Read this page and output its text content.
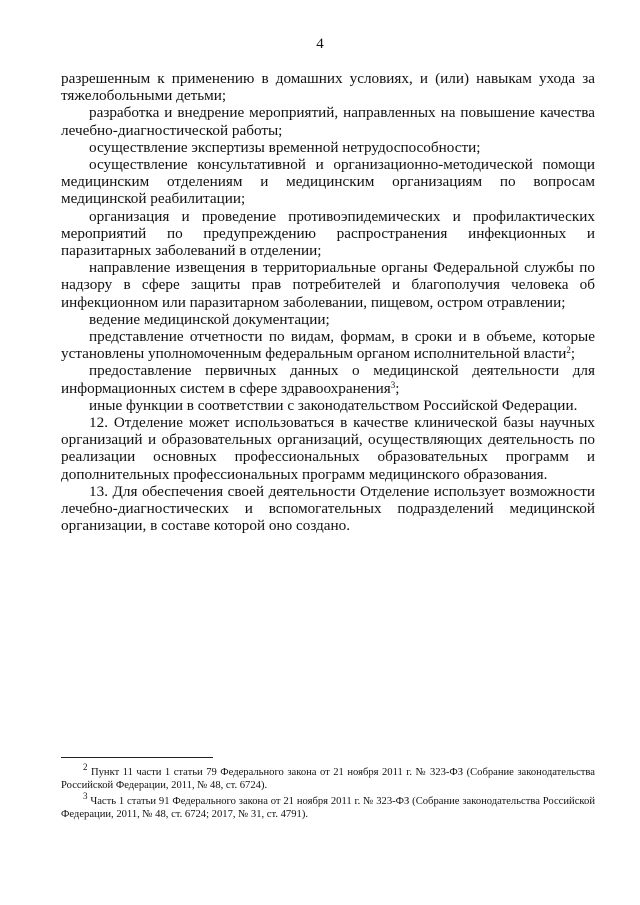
4

разрешенным к применению в домашних условиях, и (или) навыкам ухода за тяжелобольными детьми;

разработка и внедрение мероприятий, направленных на повышение качества лечебно-диагностической работы;

осуществление экспертизы временной нетрудоспособности;

осуществление консультативной и организационно-методической помощи медицинским отделениям и медицинским организациям по вопросам медицинской реабилитации;

организация и проведение противоэпидемических и профилактических мероприятий по предупреждению распространения инфекционных и паразитарных заболеваний в отделении;

направление извещения в территориальные органы Федеральной службы по надзору в сфере защиты прав потребителей и благополучия человека об инфекционном или паразитарном заболевании, пищевом, остром отравлении;

ведение медицинской документации;

представление отчетности по видам, формам, в сроки и в объеме, которые установлены уполномоченным федеральным органом исполнительной власти$^2$;

предоставление первичных данных о медицинской деятельности для информационных систем в сфере здравоохранения$^3$;

иные функции в соответствии с законодательством Российской Федерации.

12. Отделение может использоваться в качестве клинической базы научных организаций и образовательных организаций, осуществляющих деятельность по реализации основных профессиональных образовательных программ и дополнительных профессиональных программ медицинского образования.

13. Для обеспечения своей деятельности Отделение использует возможности лечебно-диагностических и вспомогательных подразделений медицинской организации, в составе которой оно создано.

$^2$ Пункт 11 части 1 статьи 79 Федерального закона от 21 ноября 2011 г. № 323-ФЗ (Собрание законодательства Российской Федерации, 2011, № 48, ст. 6724).

$^3$ Часть 1 статьи 91 Федерального закона от 21 ноября 2011 г. № 323-ФЗ (Собрание законодательства Российской Федерации, 2011, № 48, ст. 6724; 2017, № 31, ст. 4791).
